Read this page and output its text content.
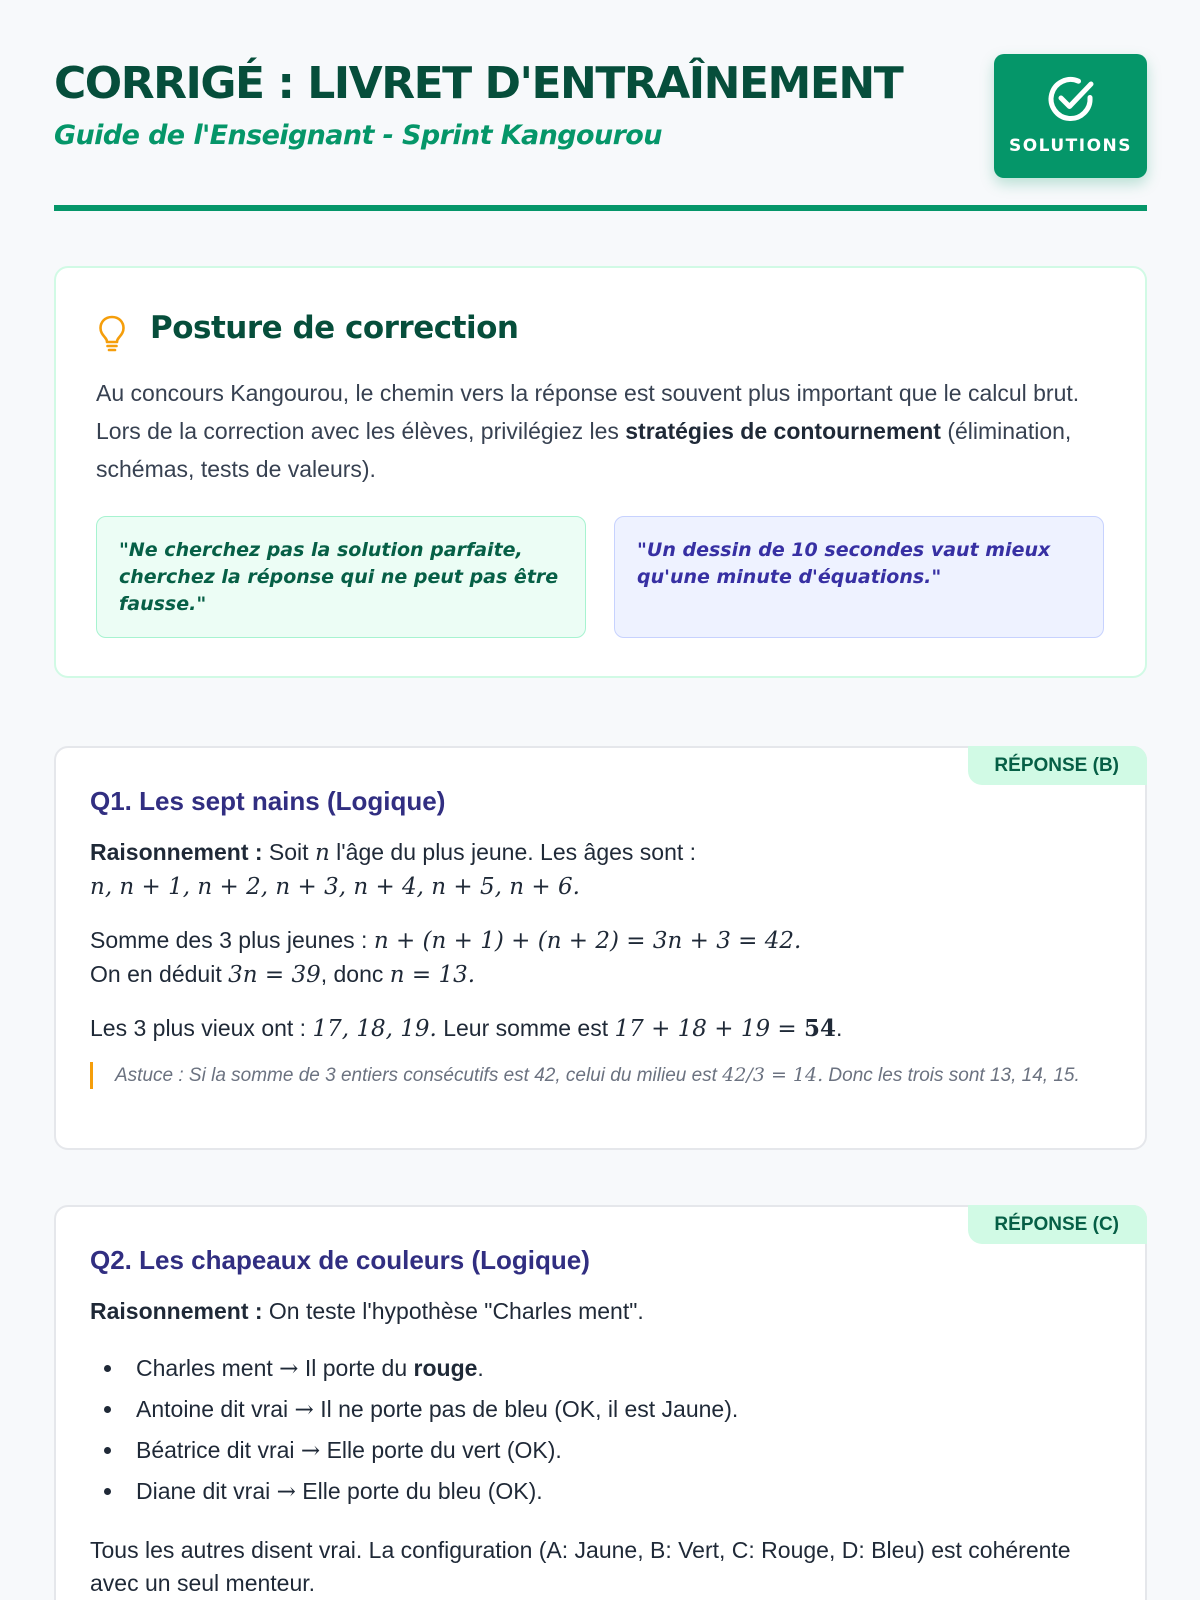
CORRIGÉ : LIVRET D'ENTRAÎNEMENT
Guide de l'Enseignant - Sprint Kangourou	SOLUTIONS
Posture de correction

Au concours Kangourou, le chemin vers la réponse est souvent plus important que le calcul brut. Lors de la correction avec les élèves, privilégiez les stratégies de contournement (élimination, schémas, tests de valeurs).

"Ne cherchez pas la solution parfaite, cherchez la réponse qui ne peut pas être fausse."
"Un dessin de 10 secondes vaut mieux qu'une minute d'équations."
RÉPONSE (B)
Q1. Les sept nains (Logique)

Raisonnement : Soit n l'âge du plus jeune. Les âges sont :
n, n + 1, n + 2, n + 3, n + 4, n + 5, n + 6.

Somme des 3 plus jeunes : n + (n + 1) + (n + 2) = 3n + 3 = 42.
On en déduit 3n = 39, donc n = 13.

Les 3 plus vieux ont : 17, 18, 19. Leur somme est 17 + 18 + 19 = 54.

Astuce : Si la somme de 3 entiers consécutifs est 42, celui du milieu est 42/3 = 14. Donc les trois sont 13, 14, 15.
RÉPONSE (C)
Q2. Les chapeaux de couleurs (Logique)

Raisonnement : On teste l'hypothèse "Charles ment".

Charles ment → Il porte du rouge.
Antoine dit vrai → Il ne porte pas de bleu (OK, il est Jaune).
Béatrice dit vrai → Elle porte du vert (OK).
Diane dit vrai → Elle porte du bleu (OK).

Tous les autres disent vrai. La configuration (A: Jaune, B: Vert, C: Rouge, D: Bleu) est cohérente avec un seul menteur.
